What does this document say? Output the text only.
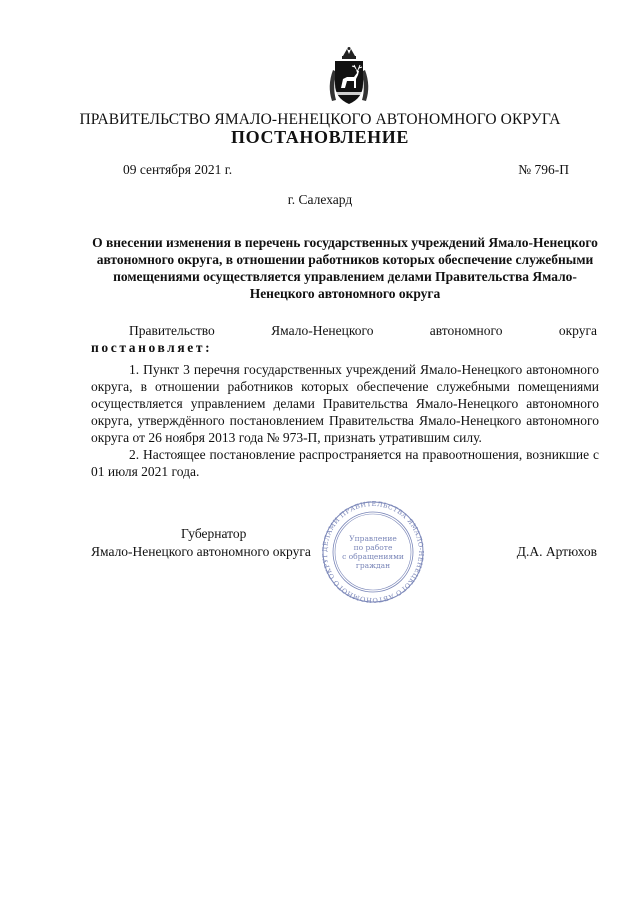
ПРАВИТЕЛЬСТВО ЯМАЛО-НЕНЕЦКОГО АВТОНОМНОГО ОКРУГА
ПОСТАНОВЛЕНИЕ
09 сентября 2021 г.	№ 796-П
г. Салехард
О внесении изменения в перечень государственных учреждений Ямало-Ненецкого автономного округа, в отношении работников которых обеспечение служебными помещениями осуществляется управлением делами Правительства Ямало-Ненецкого автономного округа
Правительство	Ямало-Ненецкого	автономного	округа
постановляет:

1. Пункт 3 перечня государственных учреждений Ямало-Ненецкого автономного округа, в отношении работников которых обеспечение служебными помещениями осуществляется управлением делами Правительства Ямало-Ненецкого автономного округа, утверждённого постановлением Правительства Ямало-Ненецкого автономного округа от 26 ноября 2013 года № 973-П, признать утратившим силу.

2. Настоящее постановление распространяется на правоотношения, возникшие с 01 июля 2021 года.

Губернатор
Ямало-Ненецкого автономного округа	Д.А. Артюхов
ДЕЛАМИ ПРАВИТЕЛЬСТВА ЯМАЛО-НЕНЕЦКОГО АВТОНОМНОГО ОКРУГ
Управление
по работе
с обращениями
граждан
